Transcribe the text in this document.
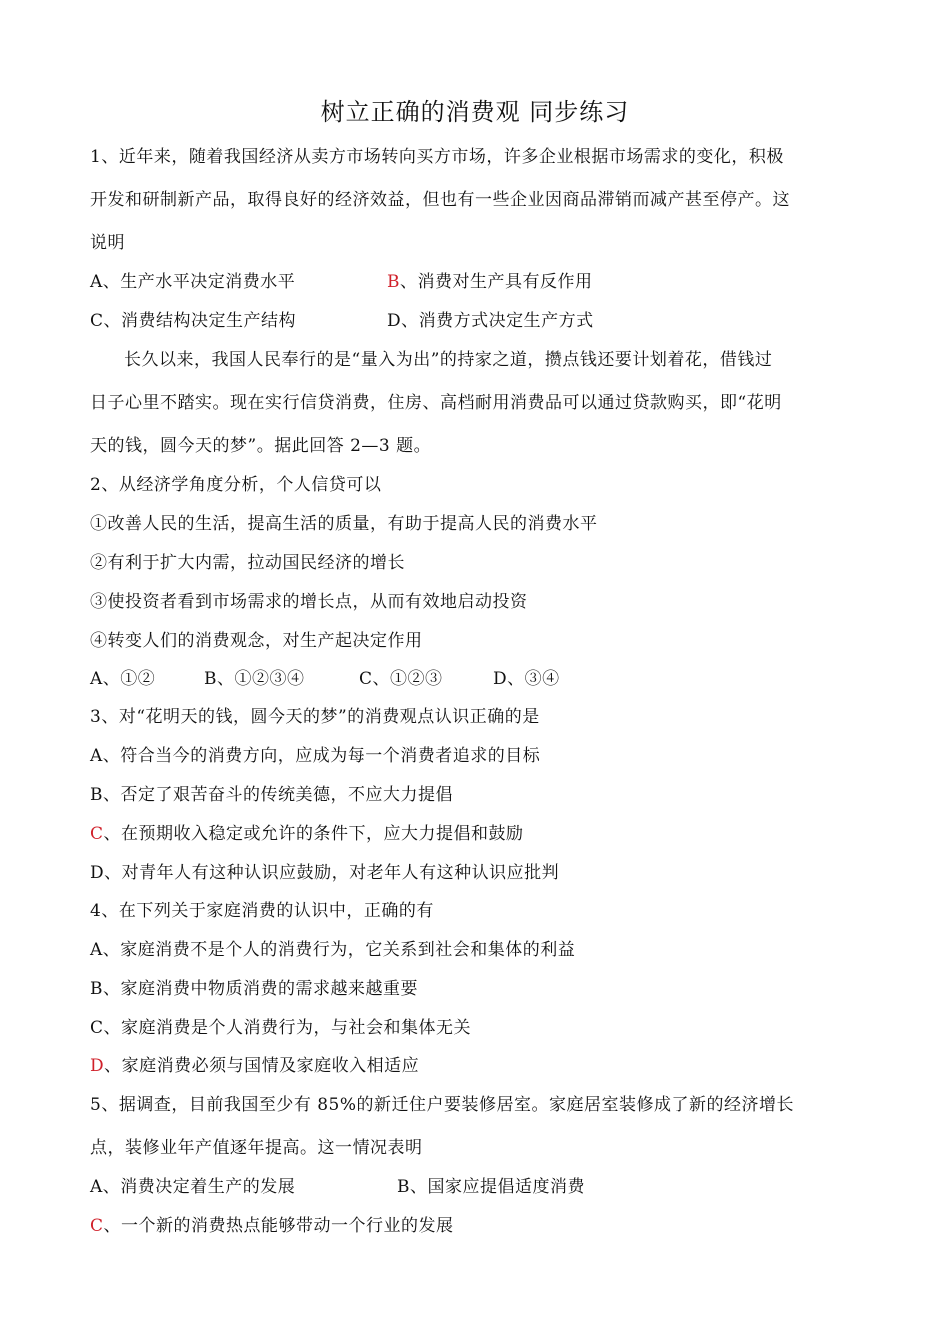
树立正确的消费观 同步练习
1、近年来，随着我国经济从卖方市场转向买方市场，许多企业根据市场需求的变化，积极
开发和研制新产品，取得良好的经济效益，但也有一些企业因商品滞销而减产甚至停产。这
说明
A、生产水平决定消费水平	B、消费对生产具有反作用
C、消费结构决定生产结构	D、消费方式决定生产方式
长久以来，我国人民奉行的是“量入为出”的持家之道，攒点钱还要计划着花，借钱过
日子心里不踏实。现在实行信贷消费，住房、高档耐用消费品可以通过贷款购买，即“花明
天的钱，圆今天的梦”。据此回答 2—3 题。
2、从经济学角度分析，个人信贷可以
①改善人民的生活，提高生活的质量，有助于提高人民的消费水平
②有利于扩大内需，拉动国民经济的增长
③使投资者看到市场需求的增长点，从而有效地启动投资
④转变人们的消费观念，对生产起决定作用
A、①②	B、①②③④	C、①②③	D、③④
3、对“花明天的钱，圆今天的梦”的消费观点认识正确的是
A、符合当今的消费方向，应成为每一个消费者追求的目标
B、否定了艰苦奋斗的传统美德，不应大力提倡
C、在预期收入稳定或允许的条件下，应大力提倡和鼓励
D、对青年人有这种认识应鼓励，对老年人有这种认识应批判
4、在下列关于家庭消费的认识中，正确的有
A、家庭消费不是个人的消费行为，它关系到社会和集体的利益
B、家庭消费中物质消费的需求越来越重要
C、家庭消费是个人消费行为，与社会和集体无关
D、家庭消费必须与国情及家庭收入相适应
5、据调查，目前我国至少有 85%的新迁住户要装修居室。家庭居室装修成了新的经济增长
点，装修业年产值逐年提高。这一情况表明
A、消费决定着生产的发展	B、国家应提倡适度消费
C、一个新的消费热点能够带动一个行业的发展
